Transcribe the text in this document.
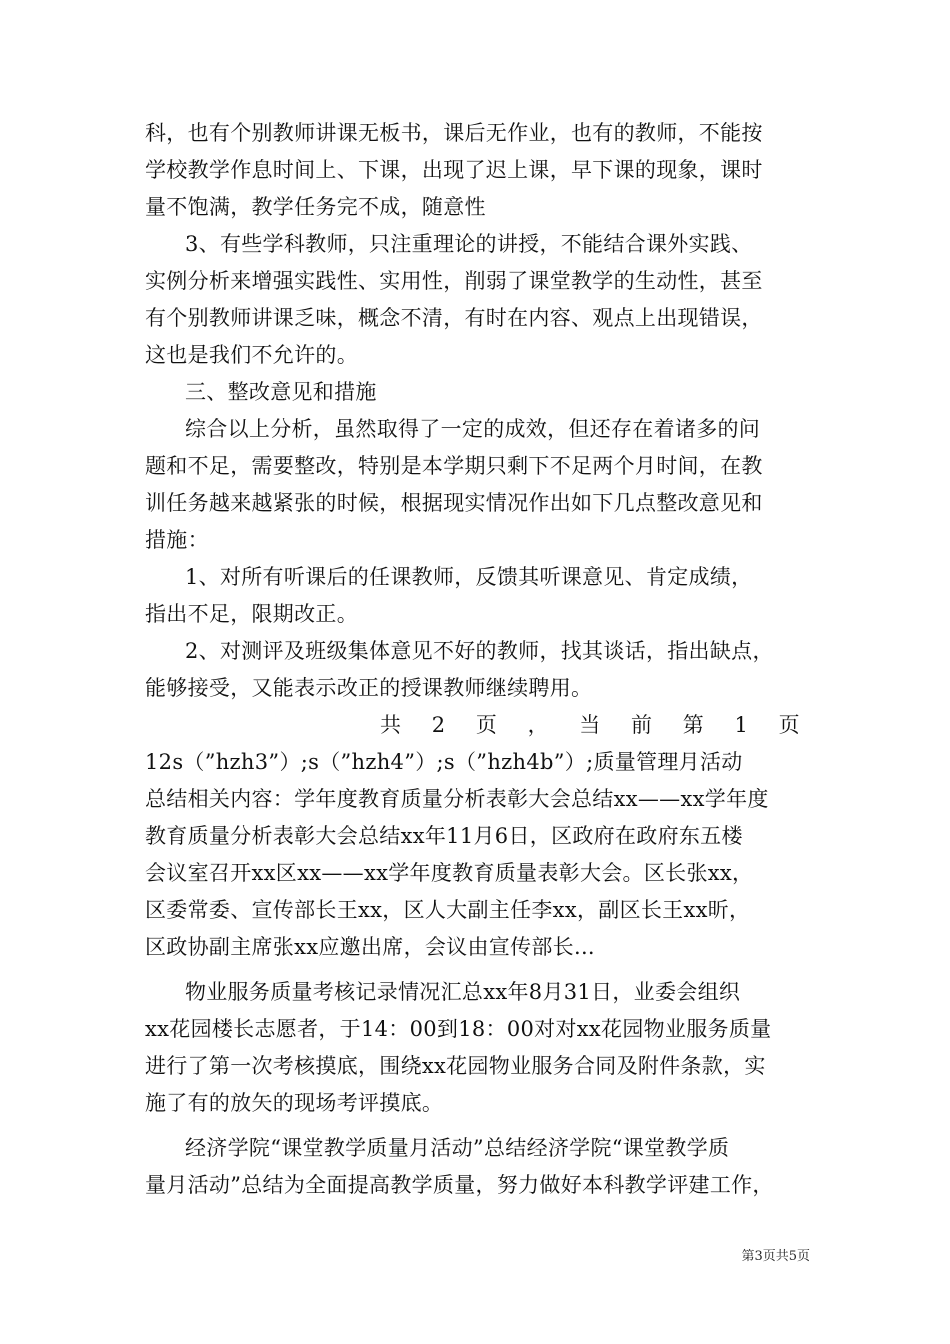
科，也有个别教师讲课无板书，课后无作业，也有的教师，不能按
学校教学作息时间上、下课，出现了迟上课，早下课的现象，课时
量不饱满，教学任务完不成，随意性
3、有些学科教师，只注重理论的讲授，不能结合课外实践、
实例分析来增强实践性、实用性，削弱了课堂教学的生动性，甚至
有个别教师讲课乏味，概念不清，有时在内容、观点上出现错误，
这也是我们不允许的。
三、整改意见和措施
综合以上分析，虽然取得了一定的成效，但还存在着诸多的问
题和不足，需要整改，特别是本学期只剩下不足两个月时间，在教
训任务越来越紧张的时候，根据现实情况作出如下几点整改意见和
措施：
1、对所有听课后的任课教师，反馈其听课意见、肯定成绩，
指出不足，限期改正。
2、对测评及班级集体意见不好的教师，找其谈话，指出缺点，
能够接受，又能表示改正的授课教师继续聘用。
共 2 页 ， 当 前 第 1 页
12s（”hzh3”）;s（”hzh4”）;s（”hzh4b”）;质量管理月活动
总结相关内容：学年度教育质量分析表彰大会总结xx——xx学年度
教育质量分析表彰大会总结xx年11月6日，区政府在政府东五楼
会议室召开xx区xx——xx学年度教育质量表彰大会。区长张xx，
区委常委、宣传部长王xx，区人大副主任李xx，副区长王xx昕，
区政协副主席张xx应邀出席，会议由宣传部长...
物业服务质量考核记录情况汇总xx年8月31日，业委会组织
xx花园楼长志愿者，于14：00到18：00对对xx花园物业服务质量
进行了第一次考核摸底，围绕xx花园物业服务合同及附件条款，实
施了有的放矢的现场考评摸底。
经济学院“课堂教学质量月活动”总结经济学院“课堂教学质
量月活动”总结为全面提高教学质量，努力做好本科教学评建工作，
第3页共5页
